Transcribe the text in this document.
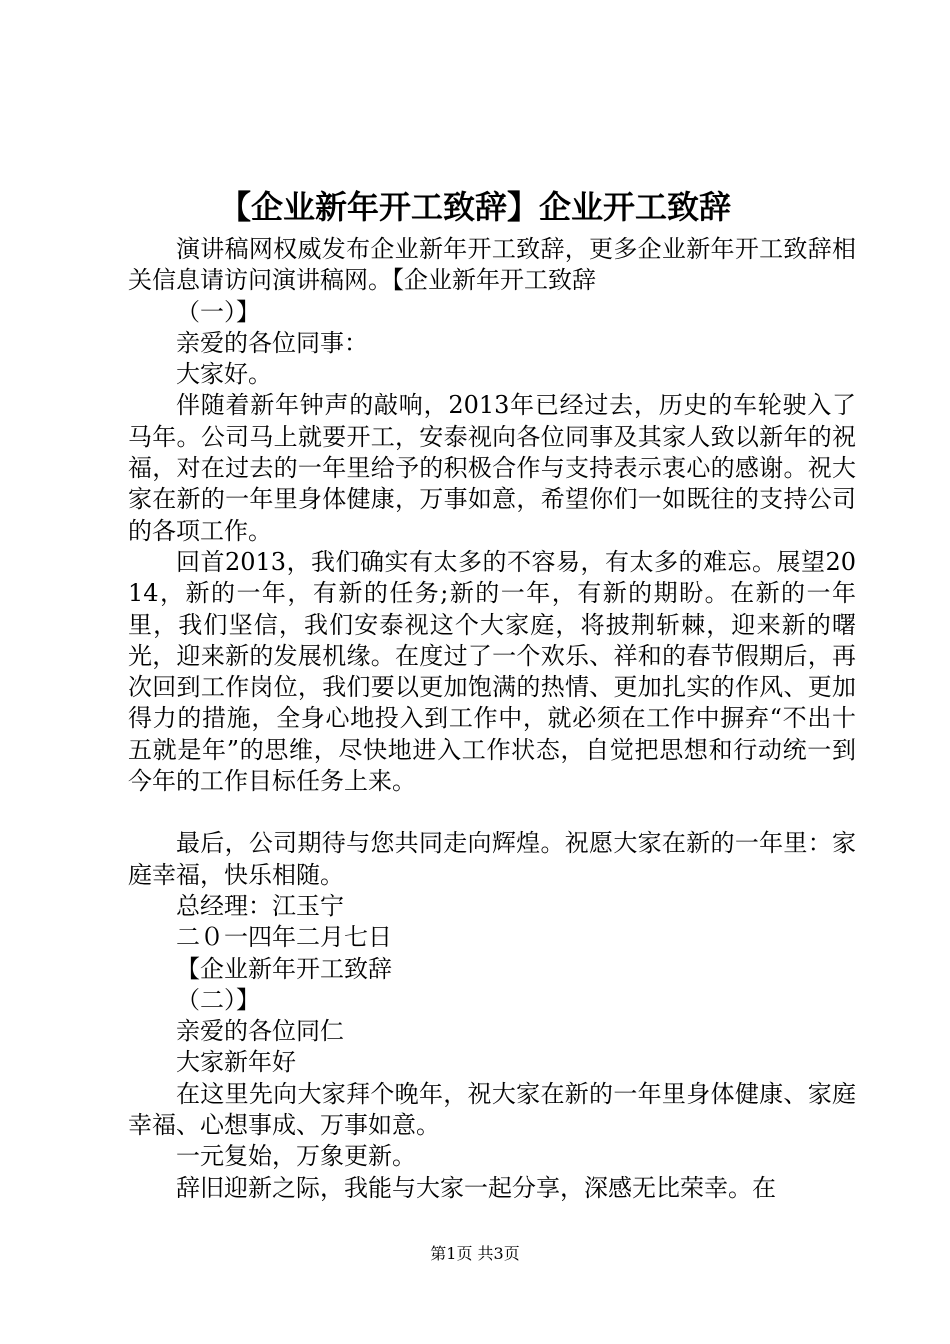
【企业新年开工致辞】企业开工致辞

演讲稿网权威发布企业新年开工致辞，更多企业新年开工致辞相关信息请访问演讲稿网。【企业新年开工致辞

（一）】

亲爱的各位同事：

大家好。

伴随着新年钟声的敲响，2013年已经过去，历史的车轮驶入了马年。公司马上就要开工，安泰视向各位同事及其家人致以新年的祝福，对在过去的一年里给予的积极合作与支持表示衷心的感谢。祝大家在新的一年里身体健康，万事如意，希望你们一如既往的支持公司的各项工作。

回首2013，我们确实有太多的不容易，有太多的难忘。展望2014，新的一年，有新的任务;新的一年，有新的期盼。在新的一年里，我们坚信，我们安泰视这个大家庭，将披荆斩棘，迎来新的曙光，迎来新的发展机缘。在度过了一个欢乐、祥和的春节假期后，再次回到工作岗位，我们要以更加饱满的热情、更加扎实的作风、更加得力的措施，全身心地投入到工作中，就必须在工作中摒弃“不出十五就是年”的思维，尽快地进入工作状态，自觉把思想和行动统一到今年的工作目标任务上来。

最后，公司期待与您共同走向辉煌。祝愿大家在新的一年里：家庭幸福，快乐相随。

总经理：江玉宁

二０一四年二月七日

【企业新年开工致辞

（二）】

亲爱的各位同仁

大家新年好

在这里先向大家拜个晚年，祝大家在新的一年里身体健康、家庭幸福、心想事成、万事如意。

一元复始，万象更新。

辞旧迎新之际，我能与大家一起分享，深感无比荣幸。在

第1页 共3页
